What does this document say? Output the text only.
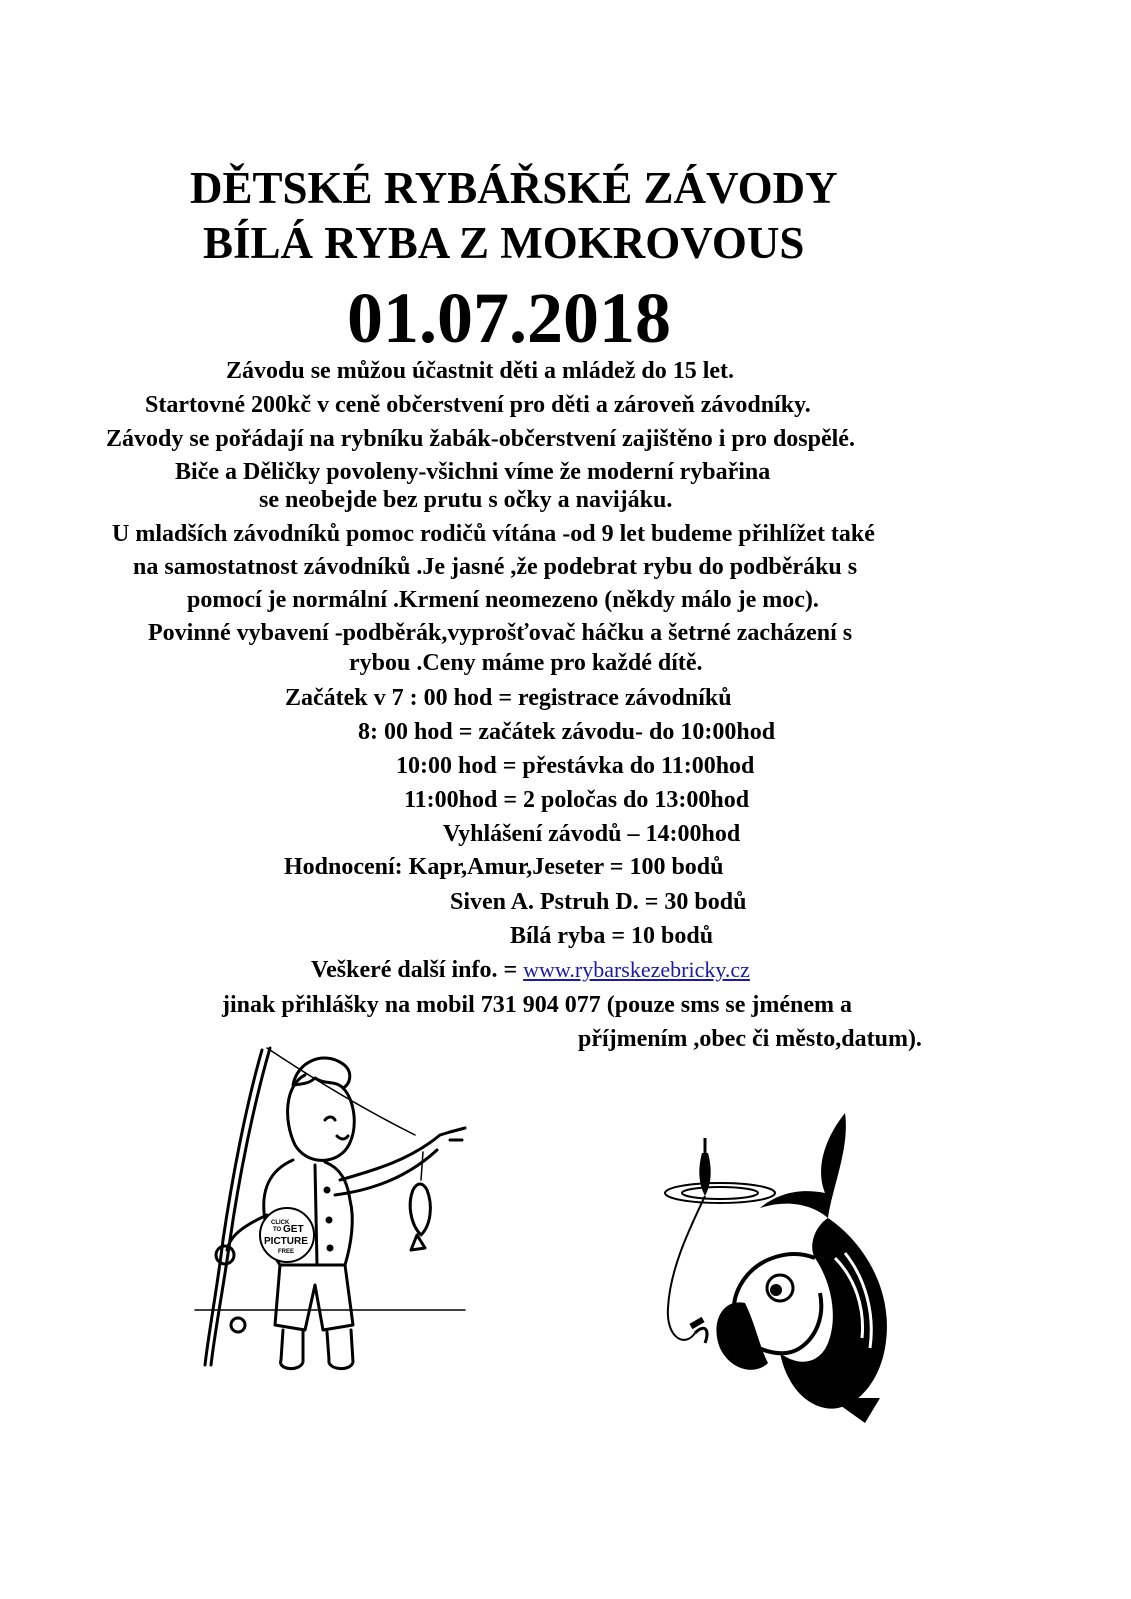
DĚTSKÉ RYBÁŘSKÉ ZÁVODY
BÍLÁ RYBA Z MOKROVOUS
01.07.2018
Závodu se můžou účastnit děti a mládež do 15 let.
Startovné 200kč v ceně občerstvení pro děti a zároveň závodníky.
Závody se pořádají na rybníku žabák-občerstvení zajištěno i pro dospělé.
Biče a Děličky povoleny-všichni víme že moderní rybařina
se neobejde bez prutu s očky a navijáku.
U mladších závodníků pomoc rodičů vítána -od 9 let budeme přihlížet také
na samostatnost závodníků .Je jasné ,že podebrat rybu do podběráku s
pomocí je normální .Krmení neomezeno (někdy málo je moc).
Povinné vybavení -podběrák,vyprošťovač háčku a šetrné zacházení s
rybou .Ceny máme pro každé dítě.
Začátek v 7 : 00 hod = registrace závodníků
8: 00 hod = začátek závodu- do 10:00hod
10:00 hod = přestávka do 11:00hod
11:00hod = 2 poločas do 13:00hod
Vyhlášení závodů – 14:00hod
Hodnocení: Kapr,Amur,Jeseter = 100 bodů
Siven A. Pstruh D. = 30 bodů
Bílá ryba = 10 bodů
Veškeré další info. = www.rybarskezebricky.cz
jinak přihlášky na mobil 731 904 077 (pouze sms se jménem a
příjmením ,obec či město,datum).
CLICK
TO GET
PICTURE
FREE
